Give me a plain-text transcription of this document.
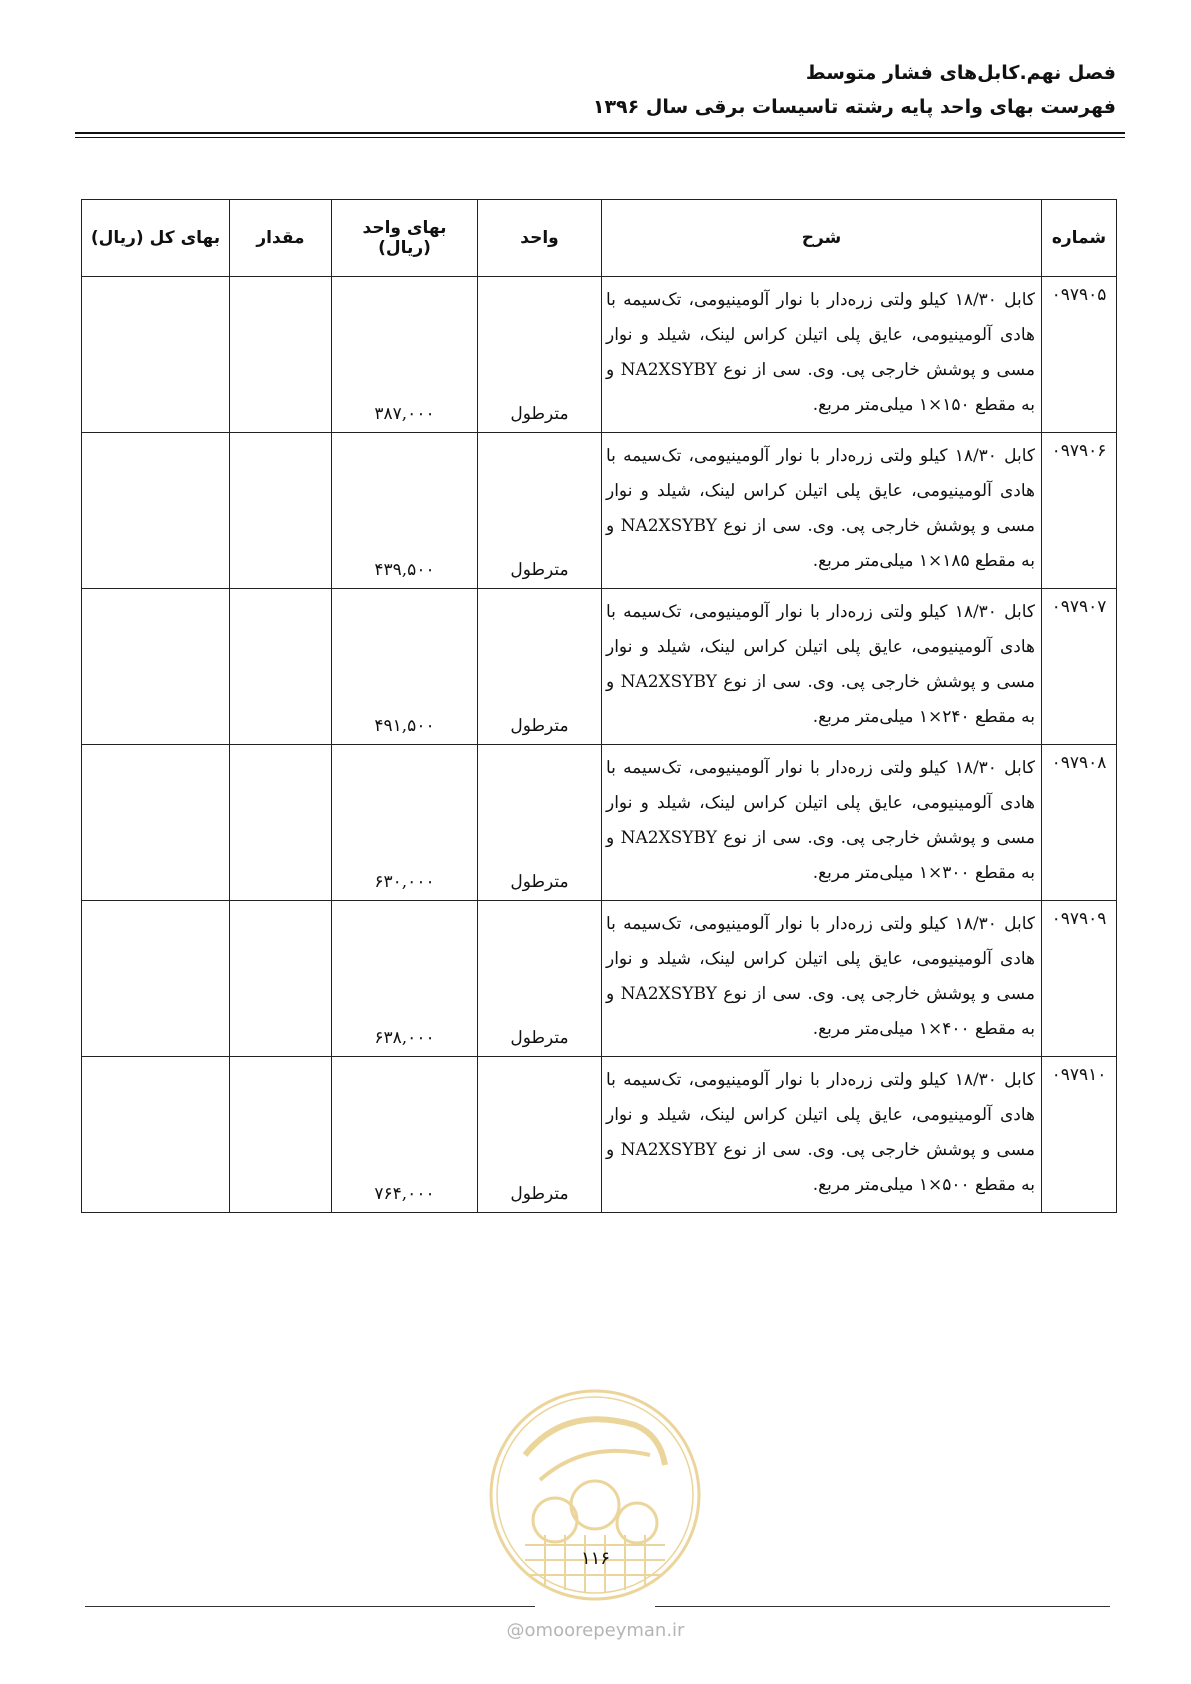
فصل نهم.کابل‌های فشار متوسط
فهرست بهای واحد پایه رشته تاسیسات برقی سال ۱۳۹۶
شماره	شرح	واحد	بهای واحد
(ریال)	مقدار	بهای کل (ریال)
۰۹۷۹۰۵	کابل ۱۸/۳۰ کیلو ولتی زره‌دار با نوار آلومینیومی، تک‌سیمه با هادی آلومینیومی، عایق پلی اتیلن کراس لینک، شیلد و نوار مسی و پوشش خارجی پی. وی. سی از نوع NA2XSYBY و به مقطع ۱۵۰×۱ میلی‌متر مربع.	مترطول	۳۸۷,۰۰۰		
۰۹۷۹۰۶	کابل ۱۸/۳۰ کیلو ولتی زره‌دار با نوار آلومینیومی، تک‌سیمه با هادی آلومینیومی، عایق پلی اتیلن کراس لینک، شیلد و نوار مسی و پوشش خارجی پی. وی. سی از نوع NA2XSYBY و به مقطع ۱۸۵×۱ میلی‌متر مربع.	مترطول	۴۳۹,۵۰۰		
۰۹۷۹۰۷	کابل ۱۸/۳۰ کیلو ولتی زره‌دار با نوار آلومینیومی، تک‌سیمه با هادی آلومینیومی، عایق پلی اتیلن کراس لینک، شیلد و نوار مسی و پوشش خارجی پی. وی. سی از نوع NA2XSYBY و به مقطع ۲۴۰×۱ میلی‌متر مربع.	مترطول	۴۹۱,۵۰۰		
۰۹۷۹۰۸	کابل ۱۸/۳۰ کیلو ولتی زره‌دار با نوار آلومینیومی، تک‌سیمه با هادی آلومینیومی، عایق پلی اتیلن کراس لینک، شیلد و نوار مسی و پوشش خارجی پی. وی. سی از نوع NA2XSYBY و به مقطع ۳۰۰×۱ میلی‌متر مربع.	مترطول	۶۳۰,۰۰۰		
۰۹۷۹۰۹	کابل ۱۸/۳۰ کیلو ولتی زره‌دار با نوار آلومینیومی، تک‌سیمه با هادی آلومینیومی، عایق پلی اتیلن کراس لینک، شیلد و نوار مسی و پوشش خارجی پی. وی. سی از نوع NA2XSYBY و به مقطع ۴۰۰×۱ میلی‌متر مربع.	مترطول	۶۳۸,۰۰۰		
۰۹۷۹۱۰	کابل ۱۸/۳۰ کیلو ولتی زره‌دار با نوار آلومینیومی، تک‌سیمه با هادی آلومینیومی، عایق پلی اتیلن کراس لینک، شیلد و نوار مسی و پوشش خارجی پی. وی. سی از نوع NA2XSYBY و به مقطع ۵۰۰×۱ میلی‌متر مربع.	مترطول	۷۶۴,۰۰۰		
۱۱۶
@omoorepeyman.ir
